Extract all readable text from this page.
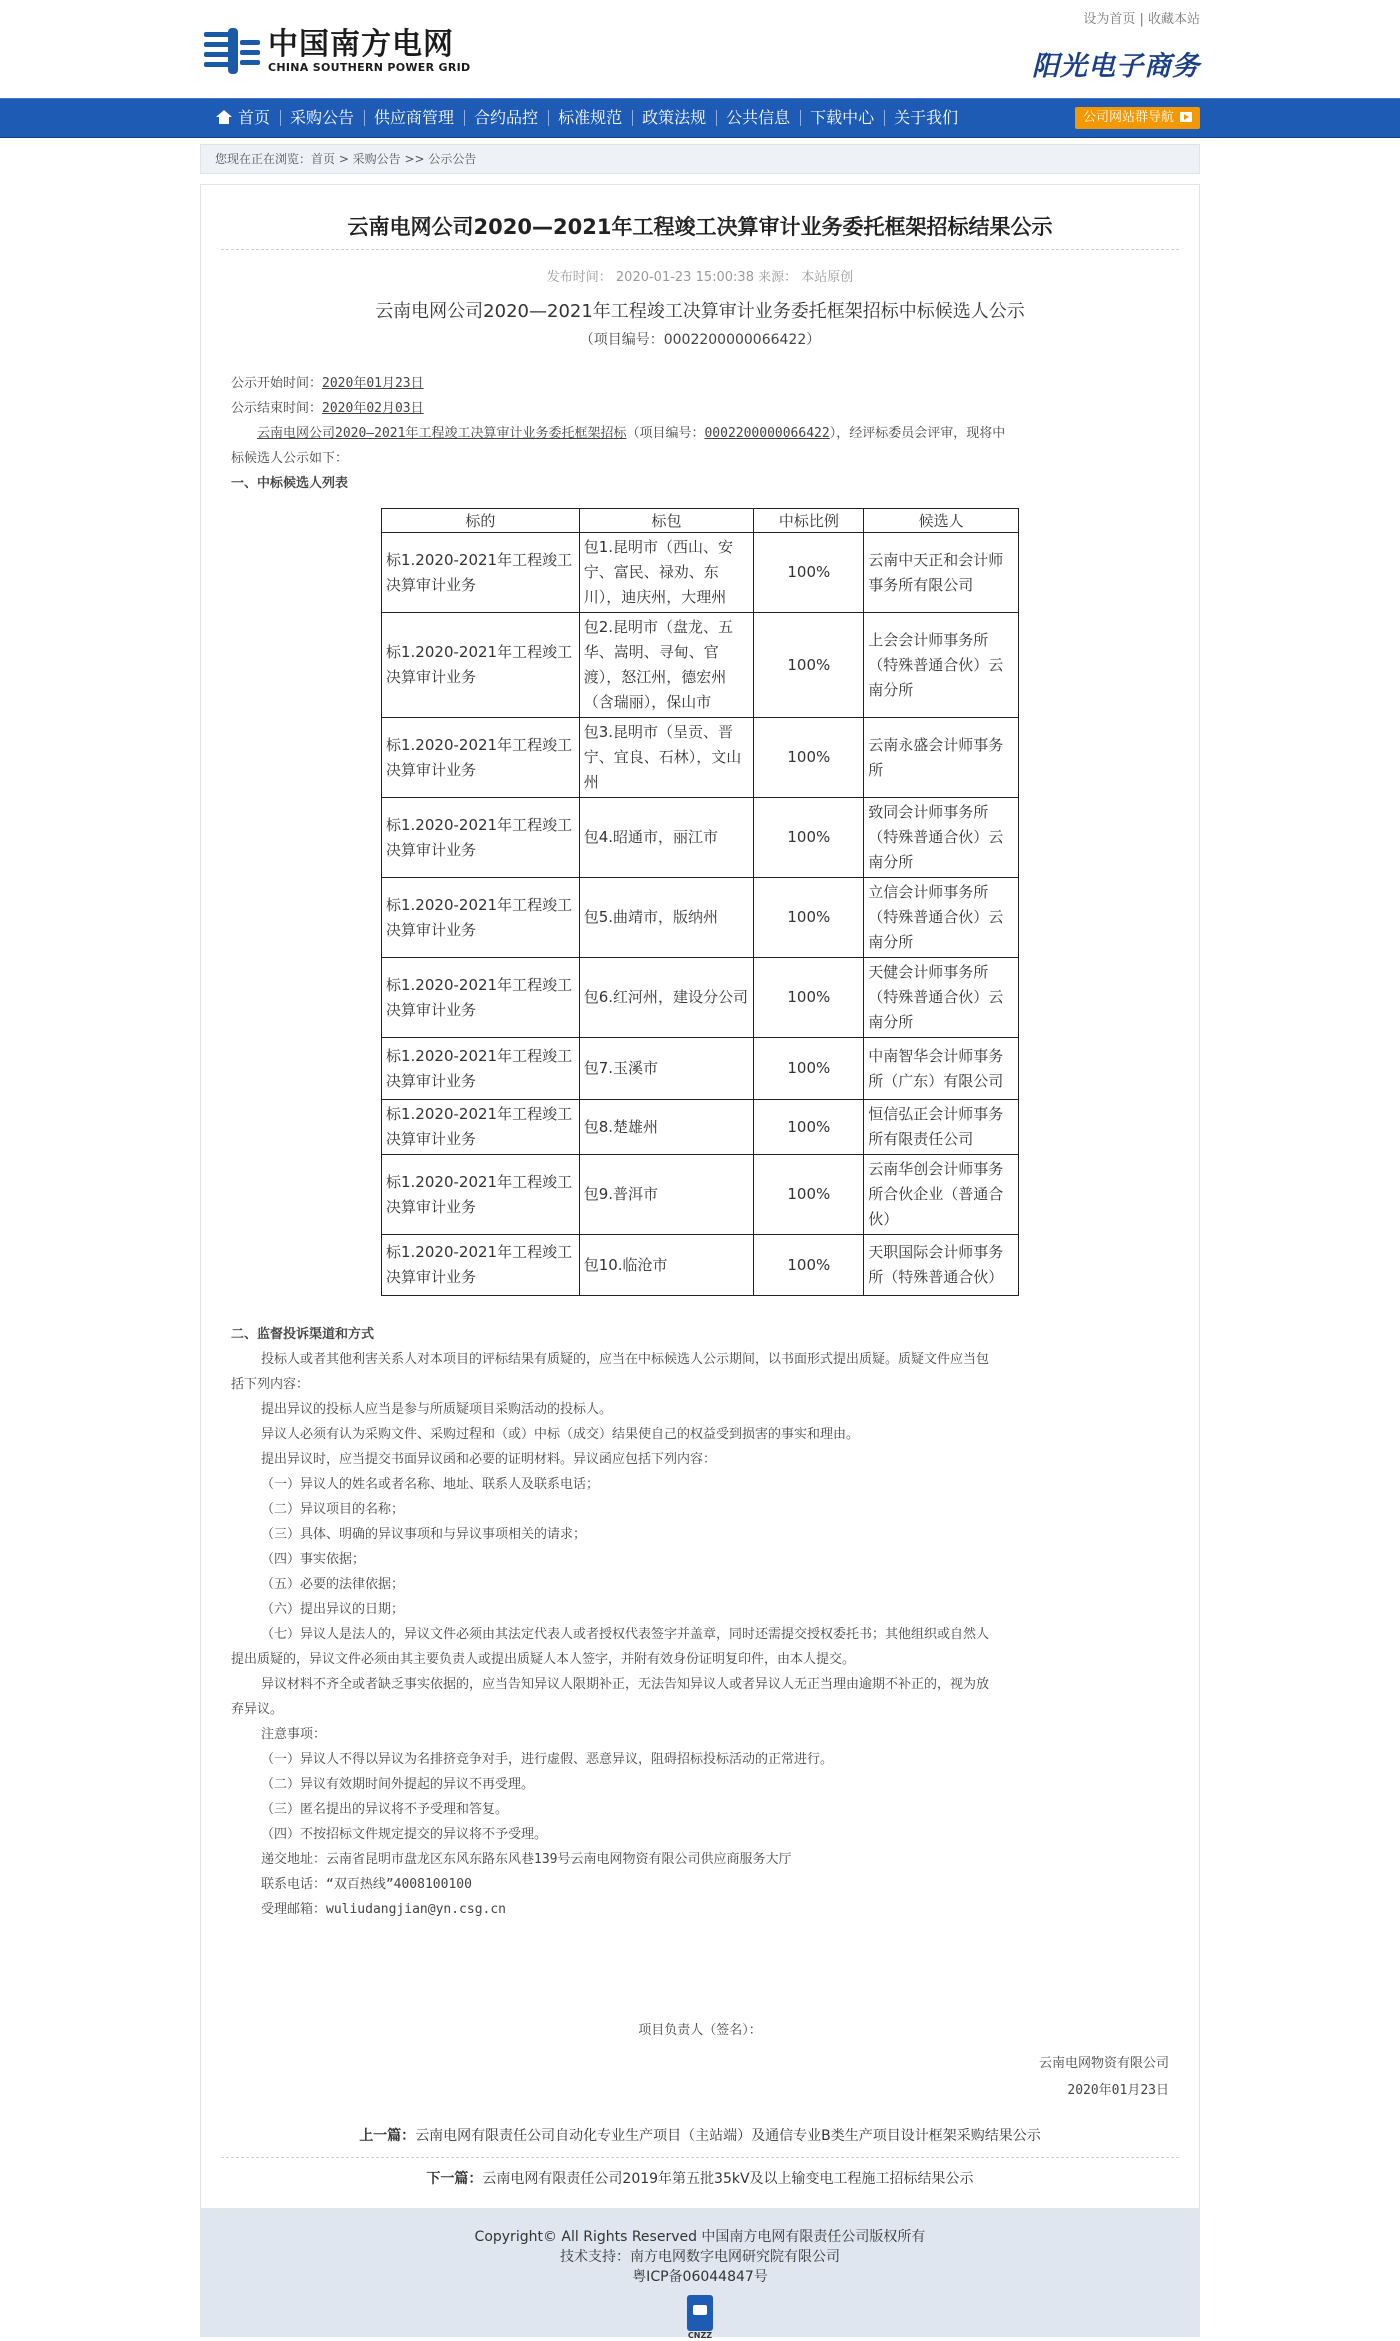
中国南方电网
CHINA SOUTHERN POWER GRID
设为首页 | 收藏本站
阳光电子商务
首页	采购公告	供应商管理	合约品控	标准规范	政策法规	公共信息	下载中心	关于我们	公司网站群导航
您现在正在浏览：首页 > 采购公告 >> 公示公告
云南电网公司2020—2021年工程竣工决算审计业务委托框架招标结果公示
发布时间： 2020-01-23 15:00:38 来源： 本站原创
云南电网公司2020—2021年工程竣工决算审计业务委托框架招标中标候选人公示
（项目编号：0002200000066422）
公示开始时间：2020年01月23日
公示结束时间：2020年02月03日
云南电网公司2020—2021年工程竣工决算审计业务委托框架招标（项目编号：0002200000066422），经评标委员会评审，现将中
标候选人公示如下：
一、中标候选人列表
标的	标包	中标比例	候选人
标1.2020-2021年工程竣工决算审计业务	包1.昆明市（西山、安宁、富民、禄劝、东川），迪庆州，大理州	100%	云南中天正和会计师事务所有限公司
标1.2020-2021年工程竣工决算审计业务	包2.昆明市（盘龙、五华、嵩明、寻甸、官渡），怒江州，德宏州（含瑞丽），保山市	100%	上会会计师事务所（特殊普通合伙）云南分所
标1.2020-2021年工程竣工决算审计业务	包3.昆明市（呈贡、晋宁、宜良、石林），文山州	100%	云南永盛会计师事务所
标1.2020-2021年工程竣工决算审计业务	包4.昭通市，丽江市	100%	致同会计师事务所（特殊普通合伙）云南分所
标1.2020-2021年工程竣工决算审计业务	包5.曲靖市，版纳州	100%	立信会计师事务所（特殊普通合伙）云南分所
标1.2020-2021年工程竣工决算审计业务	包6.红河州，建设分公司	100%	天健会计师事务所（特殊普通合伙）云南分所
标1.2020-2021年工程竣工决算审计业务	包7.玉溪市	100%	中南智华会计师事务所（广东）有限公司
标1.2020-2021年工程竣工决算审计业务	包8.楚雄州	100%	恒信弘正会计师事务所有限责任公司
标1.2020-2021年工程竣工决算审计业务	包9.普洱市	100%	云南华创会计师事务所合伙企业（普通合伙）
标1.2020-2021年工程竣工决算审计业务	包10.临沧市	100%	天职国际会计师事务所（特殊普通合伙）
二、监督投诉渠道和方式
投标人或者其他利害关系人对本项目的评标结果有质疑的，应当在中标候选人公示期间，以书面形式提出质疑。质疑文件应当包
括下列内容：
提出异议的投标人应当是参与所质疑项目采购活动的投标人。
异议人必须有认为采购文件、采购过程和（或）中标（成交）结果使自己的权益受到损害的事实和理由。
提出异议时，应当提交书面异议函和必要的证明材料。异议函应包括下列内容：
（一）异议人的姓名或者名称、地址、联系人及联系电话；
（二）异议项目的名称；
（三）具体、明确的异议事项和与异议事项相关的请求；
（四）事实依据；
（五）必要的法律依据；
（六）提出异议的日期；
（七）异议人是法人的，异议文件必须由其法定代表人或者授权代表签字并盖章，同时还需提交授权委托书；其他组织或自然人
提出质疑的，异议文件必须由其主要负责人或提出质疑人本人签字，并附有效身份证明复印件，由本人提交。
异议材料不齐全或者缺乏事实依据的，应当告知异议人限期补正，无法告知异议人或者异议人无正当理由逾期不补正的，视为放
弃异议。
注意事项：
（一）异议人不得以异议为名排挤竞争对手，进行虚假、恶意异议，阻碍招标投标活动的正常进行。
（二）异议有效期时间外提起的异议不再受理。
（三）匿名提出的异议将不予受理和答复。
（四）不按招标文件规定提交的异议将不予受理。
递交地址：云南省昆明市盘龙区东风东路东风巷139号云南电网物资有限公司供应商服务大厅
联系电话：“双百热线”4008100100
受理邮箱：wuliudangjian@yn.csg.cn
项目负责人（签名）：
云南电网物资有限公司
2020年01月23日
上一篇：云南电网有限责任公司自动化专业生产项目（主站端）及通信专业B类生产项目设计框架采购结果公示
下一篇：云南电网有限责任公司2019年第五批35kV及以上输变电工程施工招标结果公示
Copyright© All Rights Reserved 中国南方电网有限责任公司版权所有
技术支持：南方电网数字电网研究院有限公司
粤ICP备06044847号
CNZZ
